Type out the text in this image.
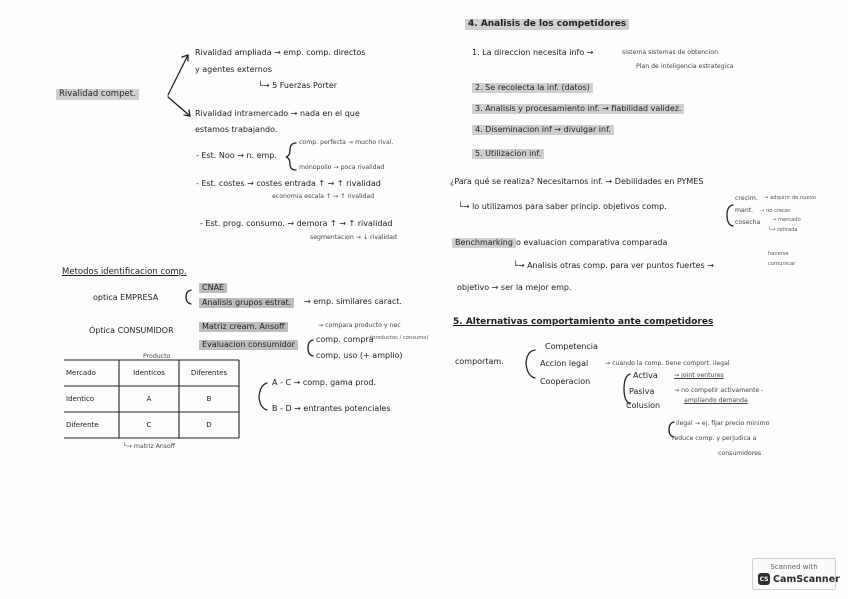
Rivalidad compet.
Rivalidad ampliada → emp. comp. directos
y agentes externos
└→ 5 Fuerzas Porter
Rivalidad intramercado → nada en el que
estamos trabajando.
- Est. Noo → n. emp.
comp. perfecta → mucho rival.
monopolio → poca rivalidad
- Est. costes → costes entrada ↑ → ↑ rivalidad
economia escala ↑ → ↑ rivalidad
- Est. prog. consumo. → demora ↑ → ↑ rivalidad
segmentacion → ↓ rivalidad
Metodos identificacion comp.
optica EMPRESA
CNAE
Analisis grupos estrat.	→ emp. similares caract.
Óptica CONSUMIDOR	Matriz cream. Ansoff	→ compara producto y nec
Evaluacion consumidor
comp. compra
(productos / consumo)
comp. uso (+ amplio)
Producto
Mercado	Identicos	Diferentes
Identico	A	B
Diferente	C	D
A - C → comp. gama prod.
B - D → entrantes potenciales
└→ matriz Ansoff
4. Analisis de los competidores
1. La direccion necesita info →	sistema sistemas de obtencion
Plan de inteligencia estrategica
2. Se recolecta la inf. (datos)
3. Analisis y procesamiento inf. → fiabilidad validez.
4. Diseminacion inf → divulgar inf.
5. Utilizacion inf.
¿Para qué se realiza? Necesitamos inf. → Debilidades en PYMES
└→ lo utilizamos para saber princip. objetivos comp.
crecim. → adquirir de nuevo
mant. → no crecer
cosecha → mercado
└→ retirada
Benchmarking o evaluacion comparativa comparada
└→ Analisis otras comp. para ver puntos fuertes →
hacerse
comunicar
objetivo → ser la mejor emp.
5. Alternativas comportamiento ante competidores
comportam.
Competencia
Accion legal	→ cuando la comp. tiene comport. ilegal
Cooperacion
Activa	→ joint ventures
Pasiva	→ no competir activamente -
ampliando demanda
Colusion
ilegal → ej. fijar precio minimo
reduce comp. y perjudica a
consumidores
Scanned with
CS CamScanner
